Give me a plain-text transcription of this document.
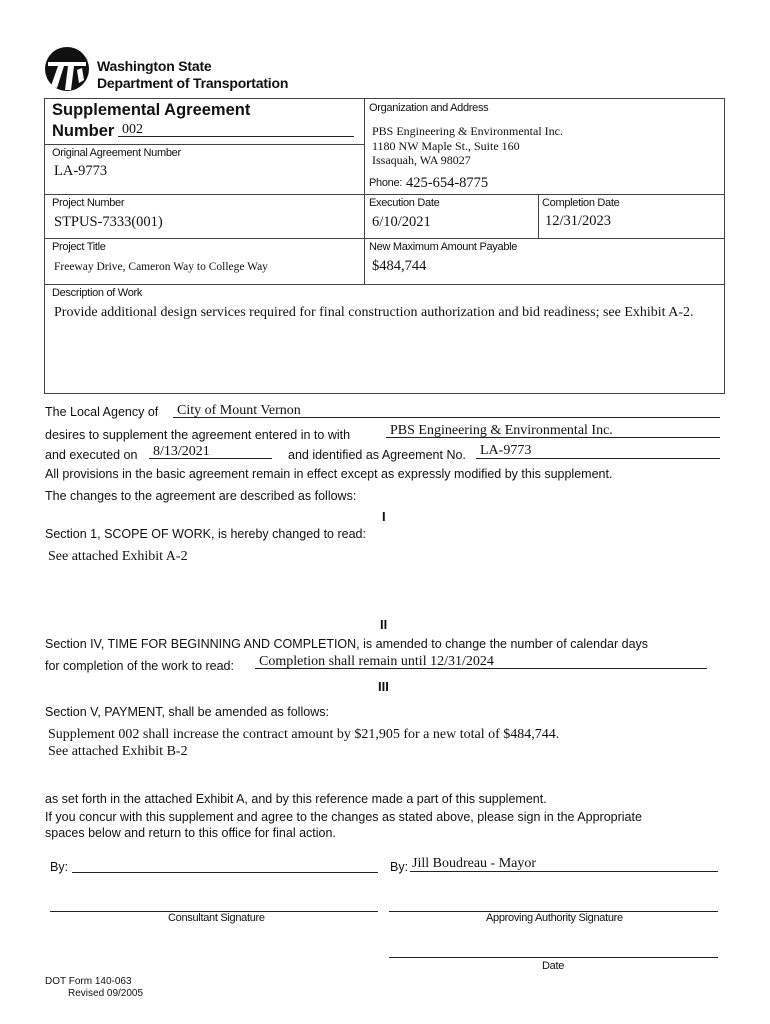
Washington State
Department of Transportation
Supplemental Agreement
Number 002
Original Agreement Number
LA-9773
Organization and Address
PBS Engineering & Environmental Inc.
1180 NW Maple St., Suite 160
Issaquah, WA 98027
Phone: 425-654-8775
Project Number
STPUS-7333(001)
Execution Date
6/10/2021
Completion Date
12/31/2023
Project Title
Freeway Drive, Cameron Way to College Way
New Maximum Amount Payable
$484,744
Description of Work
Provide additional design services required for final construction authorization and bid readiness; see Exhibit A-2.
The Local Agency of City of Mount Vernon
desires to supplement the agreement entered in to with	PBS Engineering & Environmental Inc.
and executed on 8/13/2021	and identified as Agreement No. LA-9773
All provisions in the basic agreement remain in effect except as expressly modified by this supplement.
The changes to the agreement are described as follows:
I
Section 1, SCOPE OF WORK, is hereby changed to read:
See attached Exhibit A-2
II
Section IV, TIME FOR BEGINNING AND COMPLETION, is amended to change the number of calendar days
for completion of the work to read: Completion shall remain until 12/31/2024
III
Section V, PAYMENT, shall be amended as follows:
Supplement 002 shall increase the contract amount by $21,905 for a new total of $484,744.
See attached Exhibit B-2
as set forth in the attached Exhibit A, and by this reference made a part of this supplement.
If you concur with this supplement and agree to the changes as stated above, please sign in the Appropriate
spaces below and return to this office for final action.
By:	By: Jill Boudreau - Mayor
Consultant Signature	Approving Authority Signature
Date
DOT Form 140-063
Revised 09/2005
